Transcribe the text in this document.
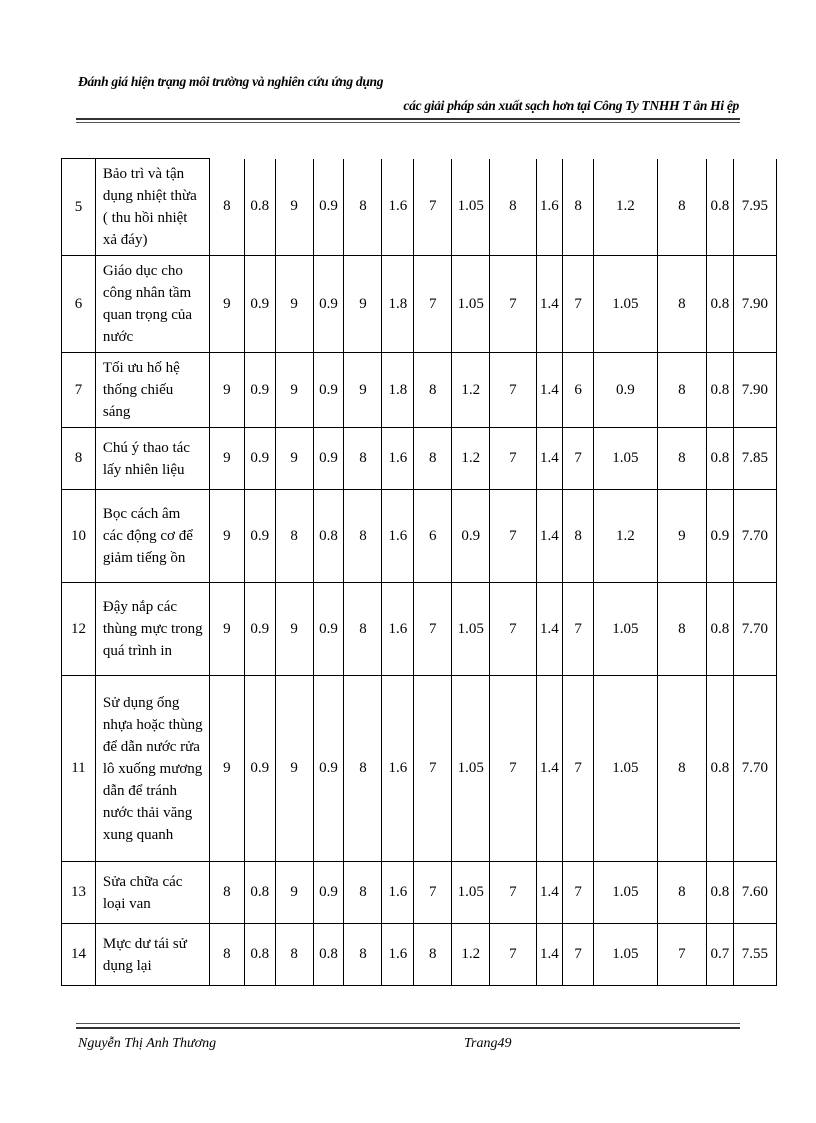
Đánh giá hiện trạng môi trường và nghiên cứu ứng dụng
các giải pháp sản xuất sạch hơn tại Công Ty TNHH T ân Hi ệp
5	Bảo trì và tận dụng nhiệt thừa ( thu hồi nhiệt xả đáy)	8	0.8	9	0.9	8	1.6	7	1.05	8	1.6	8	1.2	8	0.8	7.95
6	Giáo dục cho công nhân tầm quan trọng của nước	9	0.9	9	0.9	9	1.8	7	1.05	7	1.4	7	1.05	8	0.8	7.90
7	Tối ưu hố hệ thống chiếu sáng	9	0.9	9	0.9	9	1.8	8	1.2	7	1.4	6	0.9	8	0.8	7.90
8	Chú ý thao tác lấy nhiên liệu	9	0.9	9	0.9	8	1.6	8	1.2	7	1.4	7	1.05	8	0.8	7.85
10	Bọc cách âm các động cơ để giảm tiếng ồn	9	0.9	8	0.8	8	1.6	6	0.9	7	1.4	8	1.2	9	0.9	7.70
12	Đậy nắp các thùng mực trong quá trình in	9	0.9	9	0.9	8	1.6	7	1.05	7	1.4	7	1.05	8	0.8	7.70
11	Sử dụng ống nhựa hoặc thùng để dẫn nước rửa lô xuống mương dẫn để tránh nước thải văng xung quanh	9	0.9	9	0.9	8	1.6	7	1.05	7	1.4	7	1.05	8	0.8	7.70
13	Sửa chữa các loại van	8	0.8	9	0.9	8	1.6	7	1.05	7	1.4	7	1.05	8	0.8	7.60
14	Mực dư tái sử dụng lại	8	0.8	8	0.8	8	1.6	8	1.2	7	1.4	7	1.05	7	0.7	7.55
Nguyễn Thị Anh Thương	Trang49
